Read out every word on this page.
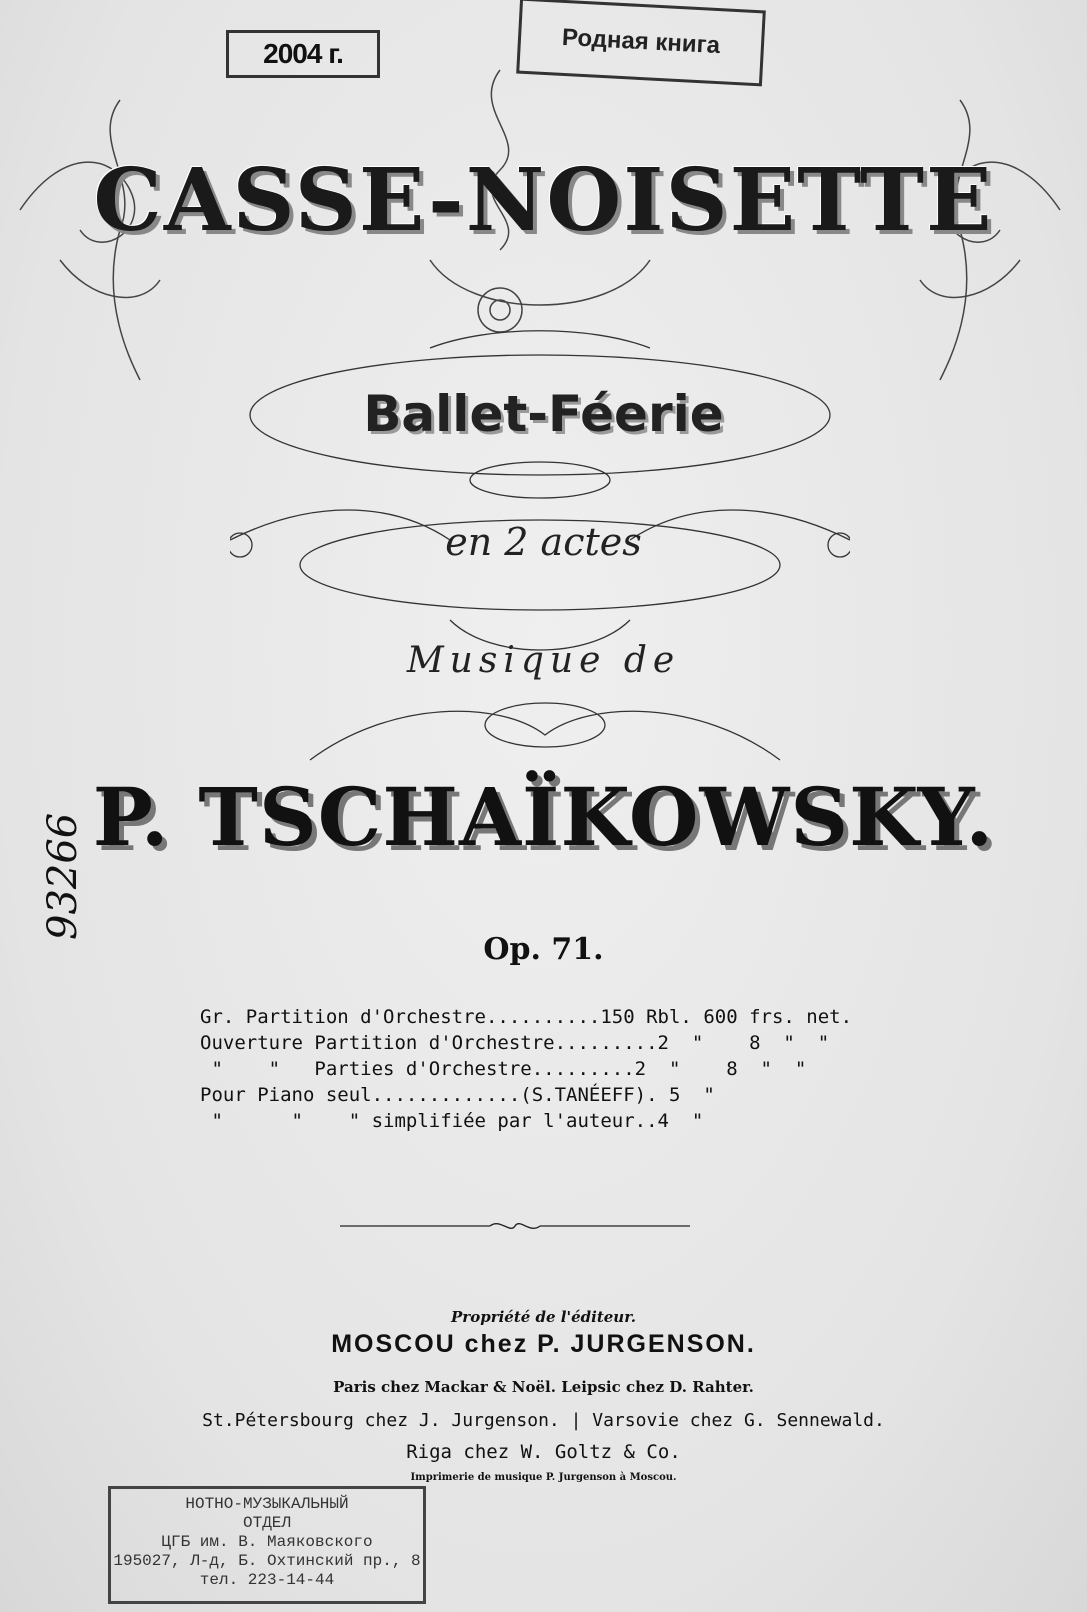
2004 г.	Родная книга
CASSE-NOISETTE
Ballet-Féerie
en 2 actes
Musique de
P. TSCHAÏKOWSKY.
Op. 71.
Gr. Partition d'Orchestre..........150 Rbl. 600 frs. net.
Ouverture Partition d'Orchestre.........2  "    8  "  "
"    "   Parties d'Orchestre.........2  "    8  "  "
Pour Piano seul.............(S.TANÉEFF). 5  "
"      "    " simplifiée par l'auteur..4  "
Propriété de l'éditeur.
MOSCOU chez P. JURGENSON.
Paris chez Mackar & Noël. Leipsic chez D. Rahter.
St.Pétersbourg chez J. Jurgenson. | Varsovie chez G. Sennewald.
Riga chez W. Goltz & Co.
Imprimerie de musique P. Jurgenson à Moscou.
НОТНО-МУЗЫКАЛЬНЫЙ
ОТДЕЛ
ЦГБ им. В. Маяковского
195027, Л-д, Б. Охтинский пр., 8
тел. 223-14-44
93266
